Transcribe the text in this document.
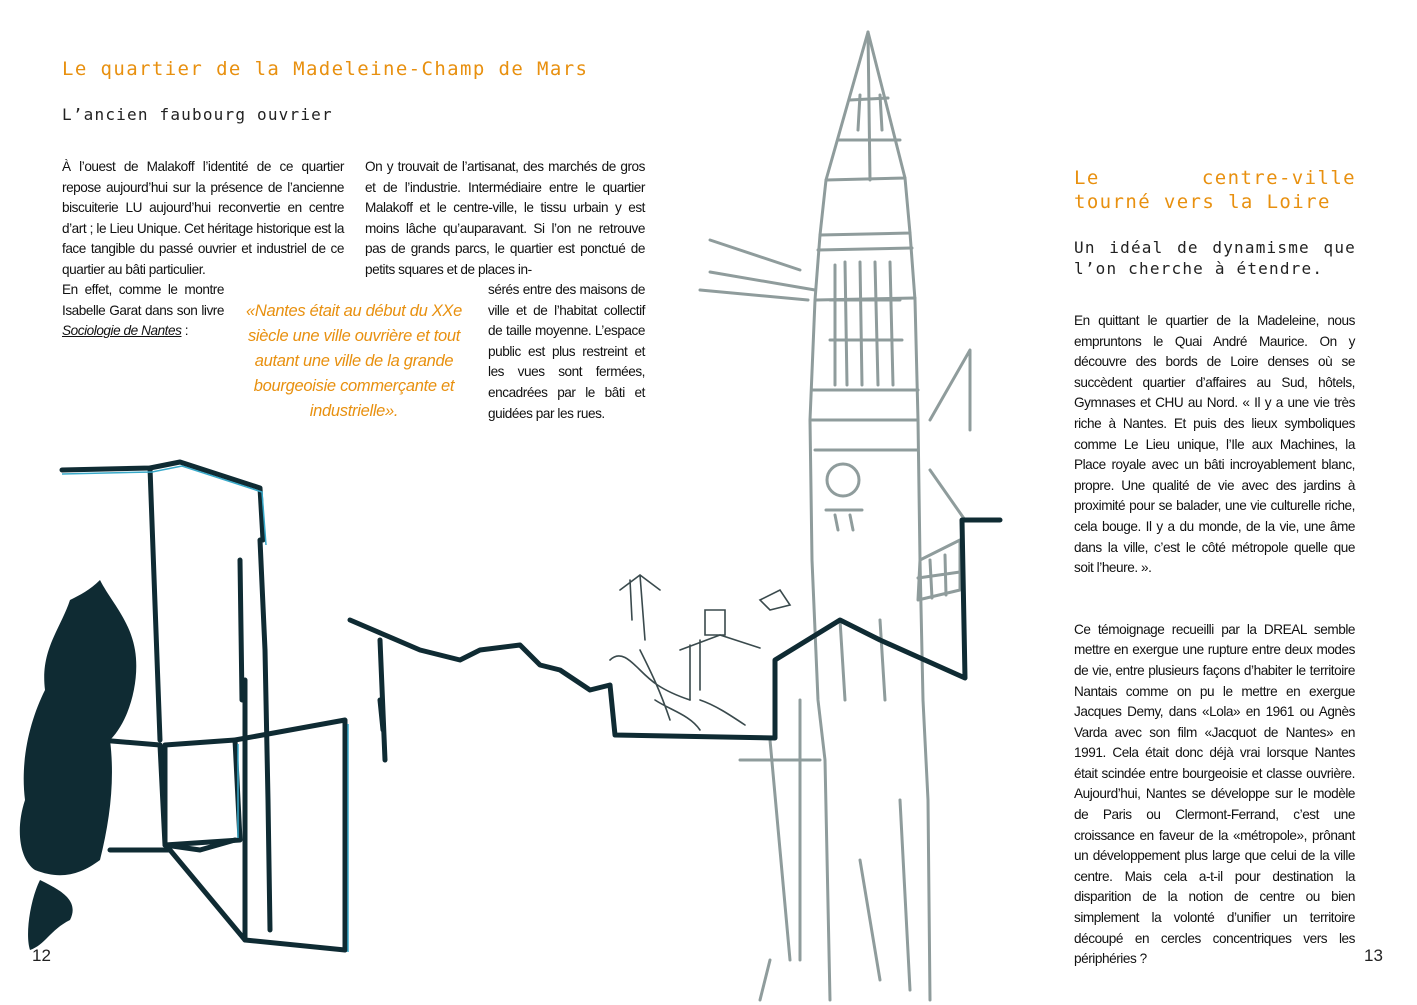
Le quartier de la Madeleine-Champ de Mars
L’ancien faubourg ouvrier

À l’ouest de Malakoff l’identité de ce quartier repose aujourd’hui sur la présence de l’ancienne biscuiterie LU aujourd’hui reconvertie en centre d’art ; le Lieu Unique. Cet héritage historique est la face tangible du passé ouvrier et industriel de ce quartier au bâti particulier.

En effet, comme le montre Isabelle Garat dans son livre Sociologie de Nantes :

On y trouvait de l’artisanat, des marchés de gros et de l’industrie. Intermédiaire entre le quartier Malakoff et le centre-ville, le tissu urbain y est moins lâche qu’auparavant. Si l’on ne retrouve pas de grands parcs, le quartier est ponctué de petits squares et de places in-

sérés entre des maisons de ville et de l’habitat collectif de taille moyenne. L’espace public est plus restreint et les vues sont fermées, encadrées par le bâti et guidées par les rues.

«Nantes était au début du XXe siècle une ville ouvrière et tout autant une ville de la grande bourgeoisie commerçante et industrielle».

12
Le centre-ville tourné vers la Loire
Un idéal de dynamisme que l’on cherche à étendre.

En quittant le quartier de la Madeleine, nous empruntons le Quai André Maurice. On y découvre des bords de Loire denses où se succèdent quartier d’affaires au Sud, hôtels, Gymnases et CHU au Nord. « Il y a une vie très riche à Nantes. Et puis des lieux symboliques comme Le Lieu unique, l’Ile aux Machines, la Place royale avec un bâti incroyablement blanc, propre. Une qualité de vie avec des jardins à proximité pour se balader, une vie culturelle riche, cela bouge. Il y a du monde, de la vie, une âme dans la ville, c’est le côté métropole quelle que soit l’heure. ».

Ce témoignage recueilli par la DREAL semble mettre en exergue une rupture entre deux modes de vie, entre plusieurs façons d’habiter le territoire Nantais comme on pu le mettre en exergue Jacques Demy, dans «Lola» en 1961 ou Agnès Varda avec son film «Jacquot de Nantes» en 1991. Cela était donc déjà vrai lorsque Nantes était scindée entre bourgeoisie et classe ouvrière. Aujourd’hui, Nantes se développe sur le modèle de Paris ou Clermont-Ferrand, c’est une croissance en faveur de la «métropole», prônant un développement plus large que celui de la ville centre. Mais cela a-t-il pour destination la disparition de la notion de centre ou bien simplement la volonté d’unifier un territoire découpé en cercles concentriques vers les périphéries ?	13
